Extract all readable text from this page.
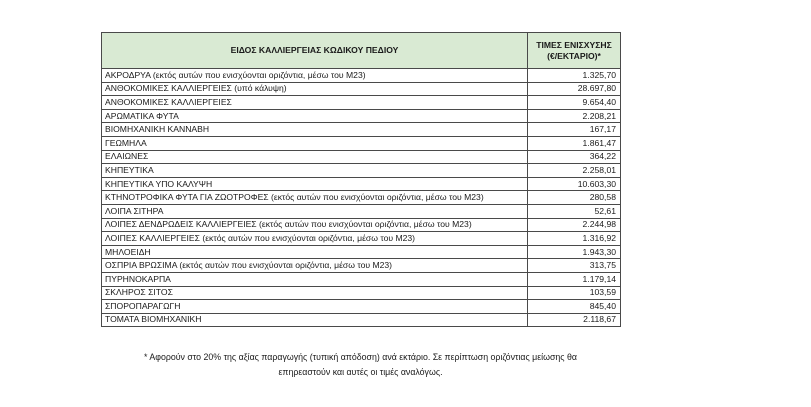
ΕΙΔΟΣ ΚΑΛΛΙΕΡΓΕΙΑΣ ΚΩΔΙΚΟΥ ΠΕΔΙΟΥ	ΤΙΜΕΣ ΕΝΙΣΧΥΣΗΣ
(€/ΕΚΤΑΡΙΟ)*

ΑΚΡΟΔΡΥΑ (εκτός αυτών που ενισχύονται οριζόντια, μέσω του Μ23)	1.325,70
ΑΝΘΟΚΟΜΙΚΕΣ ΚΑΛΛΙΕΡΓΕΙΕΣ (υπό κάλυψη)	28.697,80
ΑΝΘΟΚΟΜΙΚΕΣ ΚΑΛΛΙΕΡΓΕΙΕΣ	9.654,40
ΑΡΩΜΑΤΙΚΑ ΦΥΤΑ	2.208,21
ΒΙΟΜΗΧΑΝΙΚΗ ΚΑΝΝΑΒΗ	167,17
ΓΕΩΜΗΛΑ	1.861,47
ΕΛΑΙΩΝΕΣ	364,22
ΚΗΠΕΥΤΙΚΑ	2.258,01
ΚΗΠΕΥΤΙΚΑ ΥΠΟ ΚΑΛΥΨΗ	10.603,30
ΚΤΗΝΟΤΡΟΦΙΚΑ ΦΥΤΑ ΓΙΑ ΖΩΟΤΡΟΦΕΣ (εκτός αυτών που ενισχύονται οριζόντια, μέσω του Μ23)	280,58
ΛΟΙΠΑ ΣΙΤΗΡΑ	52,61
ΛΟΙΠΕΣ ΔΕΝΔΡΩΔΕΙΣ ΚΑΛΛΙΕΡΓΕΙΕΣ (εκτός αυτών που ενισχύονται οριζόντια, μέσω του Μ23)	2.244,98
ΛΟΙΠΕΣ ΚΑΛΛΙΕΡΓΕΙΕΣ (εκτός αυτών που ενισχύονται οριζόντια, μέσω του Μ23)	1.316,92
ΜΗΛΟΕΙΔΗ	1.943,30
ΟΣΠΡΙΑ ΒΡΩΣΙΜΑ (εκτός αυτών που ενισχύονται οριζόντια, μέσω του Μ23)	313,75
ΠΥΡΗΝΟΚΑΡΠΑ	1.179,14
ΣΚΛΗΡΟΣ ΣΙΤΟΣ	103,59
ΣΠΟΡΟΠΑΡΑΓΩΓΗ	845,40
ΤΟΜΑΤΑ ΒΙΟΜΗΧΑΝΙΚΗ	2.118,67
* Αφορούν στο 20% της αξίας παραγωγής (τυπική απόδοση) ανά εκτάριο. Σε περίπτωση οριζόντιας μείωσης θα
επηρεαστούν και αυτές οι τιμές αναλόγως.
